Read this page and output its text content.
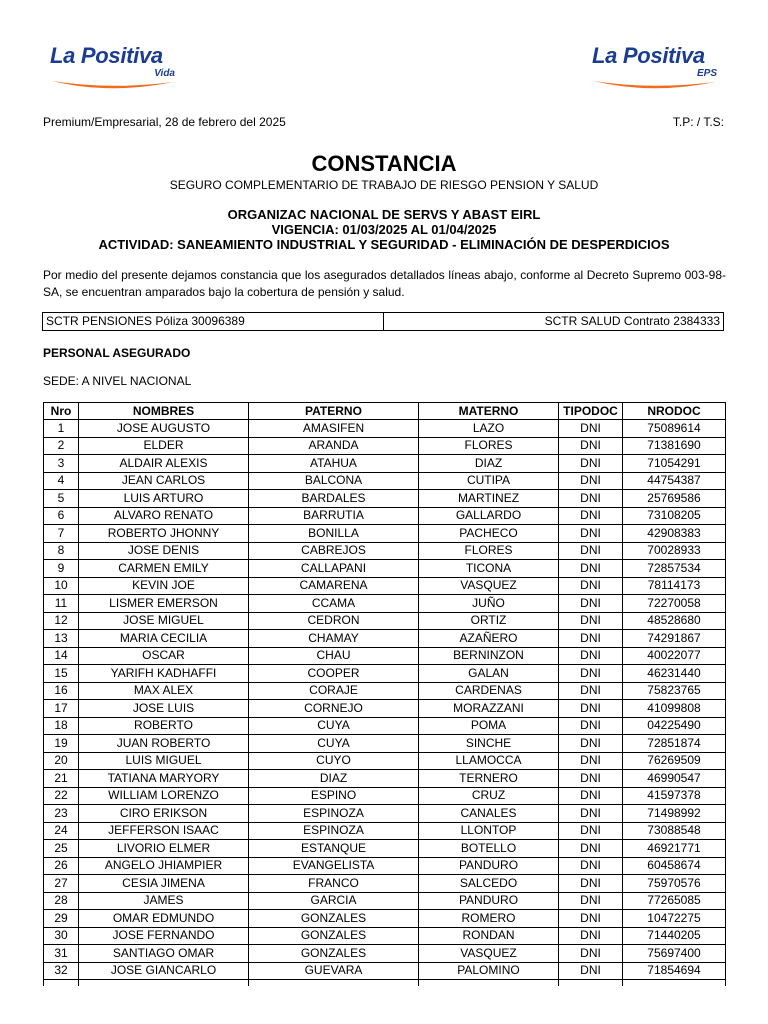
La Positiva
Vida
La Positiva
EPS
Premium/Empresarial, 28 de febrero del 2025	T.P: / T.S:
CONSTANCIA
SEGURO COMPLEMENTARIO DE TRABAJO DE RIESGO PENSION Y SALUD
ORGANIZAC NACIONAL DE SERVS Y ABAST EIRL
VIGENCIA: 01/03/2025 AL 01/04/2025
ACTIVIDAD: SANEAMIENTO INDUSTRIAL Y SEGURIDAD - ELIMINACIÓN DE DESPERDICIOS
Por medio del presente dejamos constancia que los asegurados detallados líneas abajo, conforme al Decreto Supremo 003-98-SA, se encuentran amparados bajo la cobertura de pensión y salud.
SCTR PENSIONES Póliza 30096389	SCTR SALUD Contrato 2384333
PERSONAL ASEGURADO
SEDE: A NIVEL NACIONAL
Nro	NOMBRES	PATERNO	MATERNO	TIPODOC	NRODOC
1	JOSE AUGUSTO	AMASIFEN	LAZO	DNI	75089614
2	ELDER	ARANDA	FLORES	DNI	71381690
3	ALDAIR ALEXIS	ATAHUA	DIAZ	DNI	71054291
4	JEAN CARLOS	BALCONA	CUTIPA	DNI	44754387
5	LUIS ARTURO	BARDALES	MARTINEZ	DNI	25769586
6	ALVARO RENATO	BARRUTIA	GALLARDO	DNI	73108205
7	ROBERTO JHONNY	BONILLA	PACHECO	DNI	42908383
8	JOSE DENIS	CABREJOS	FLORES	DNI	70028933
9	CARMEN EMILY	CALLAPANI	TICONA	DNI	72857534
10	KEVIN JOE	CAMARENA	VASQUEZ	DNI	78114173
11	LISMER EMERSON	CCAMA	JUÑO	DNI	72270058
12	JOSE MIGUEL	CEDRON	ORTIZ	DNI	48528680
13	MARIA CECILIA	CHAMAY	AZAÑERO	DNI	74291867
14	OSCAR	CHAU	BERNINZON	DNI	40022077
15	YARIFH KADHAFFI	COOPER	GALAN	DNI	46231440
16	MAX ALEX	CORAJE	CARDENAS	DNI	75823765
17	JOSE LUIS	CORNEJO	MORAZZANI	DNI	41099808
18	ROBERTO	CUYA	POMA	DNI	04225490
19	JUAN ROBERTO	CUYA	SINCHE	DNI	72851874
20	LUIS MIGUEL	CUYO	LLAMOCCA	DNI	76269509
21	TATIANA MARYORY	DIAZ	TERNERO	DNI	46990547
22	WILLIAM LORENZO	ESPINO	CRUZ	DNI	41597378
23	CIRO ERIKSON	ESPINOZA	CANALES	DNI	71498992
24	JEFFERSON ISAAC	ESPINOZA	LLONTOP	DNI	73088548
25	LIVORIO ELMER	ESTANQUE	BOTELLO	DNI	46921771
26	ANGELO JHIAMPIER	EVANGELISTA	PANDURO	DNI	60458674
27	CESIA JIMENA	FRANCO	SALCEDO	DNI	75970576
28	JAMES	GARCIA	PANDURO	DNI	77265085
29	OMAR EDMUNDO	GONZALES	ROMERO	DNI	10472275
30	JOSE FERNANDO	GONZALES	RONDAN	DNI	71440205
31	SANTIAGO OMAR	GONZALES	VASQUEZ	DNI	75697400
32	JOSE GIANCARLO	GUEVARA	PALOMINO	DNI	71854694
